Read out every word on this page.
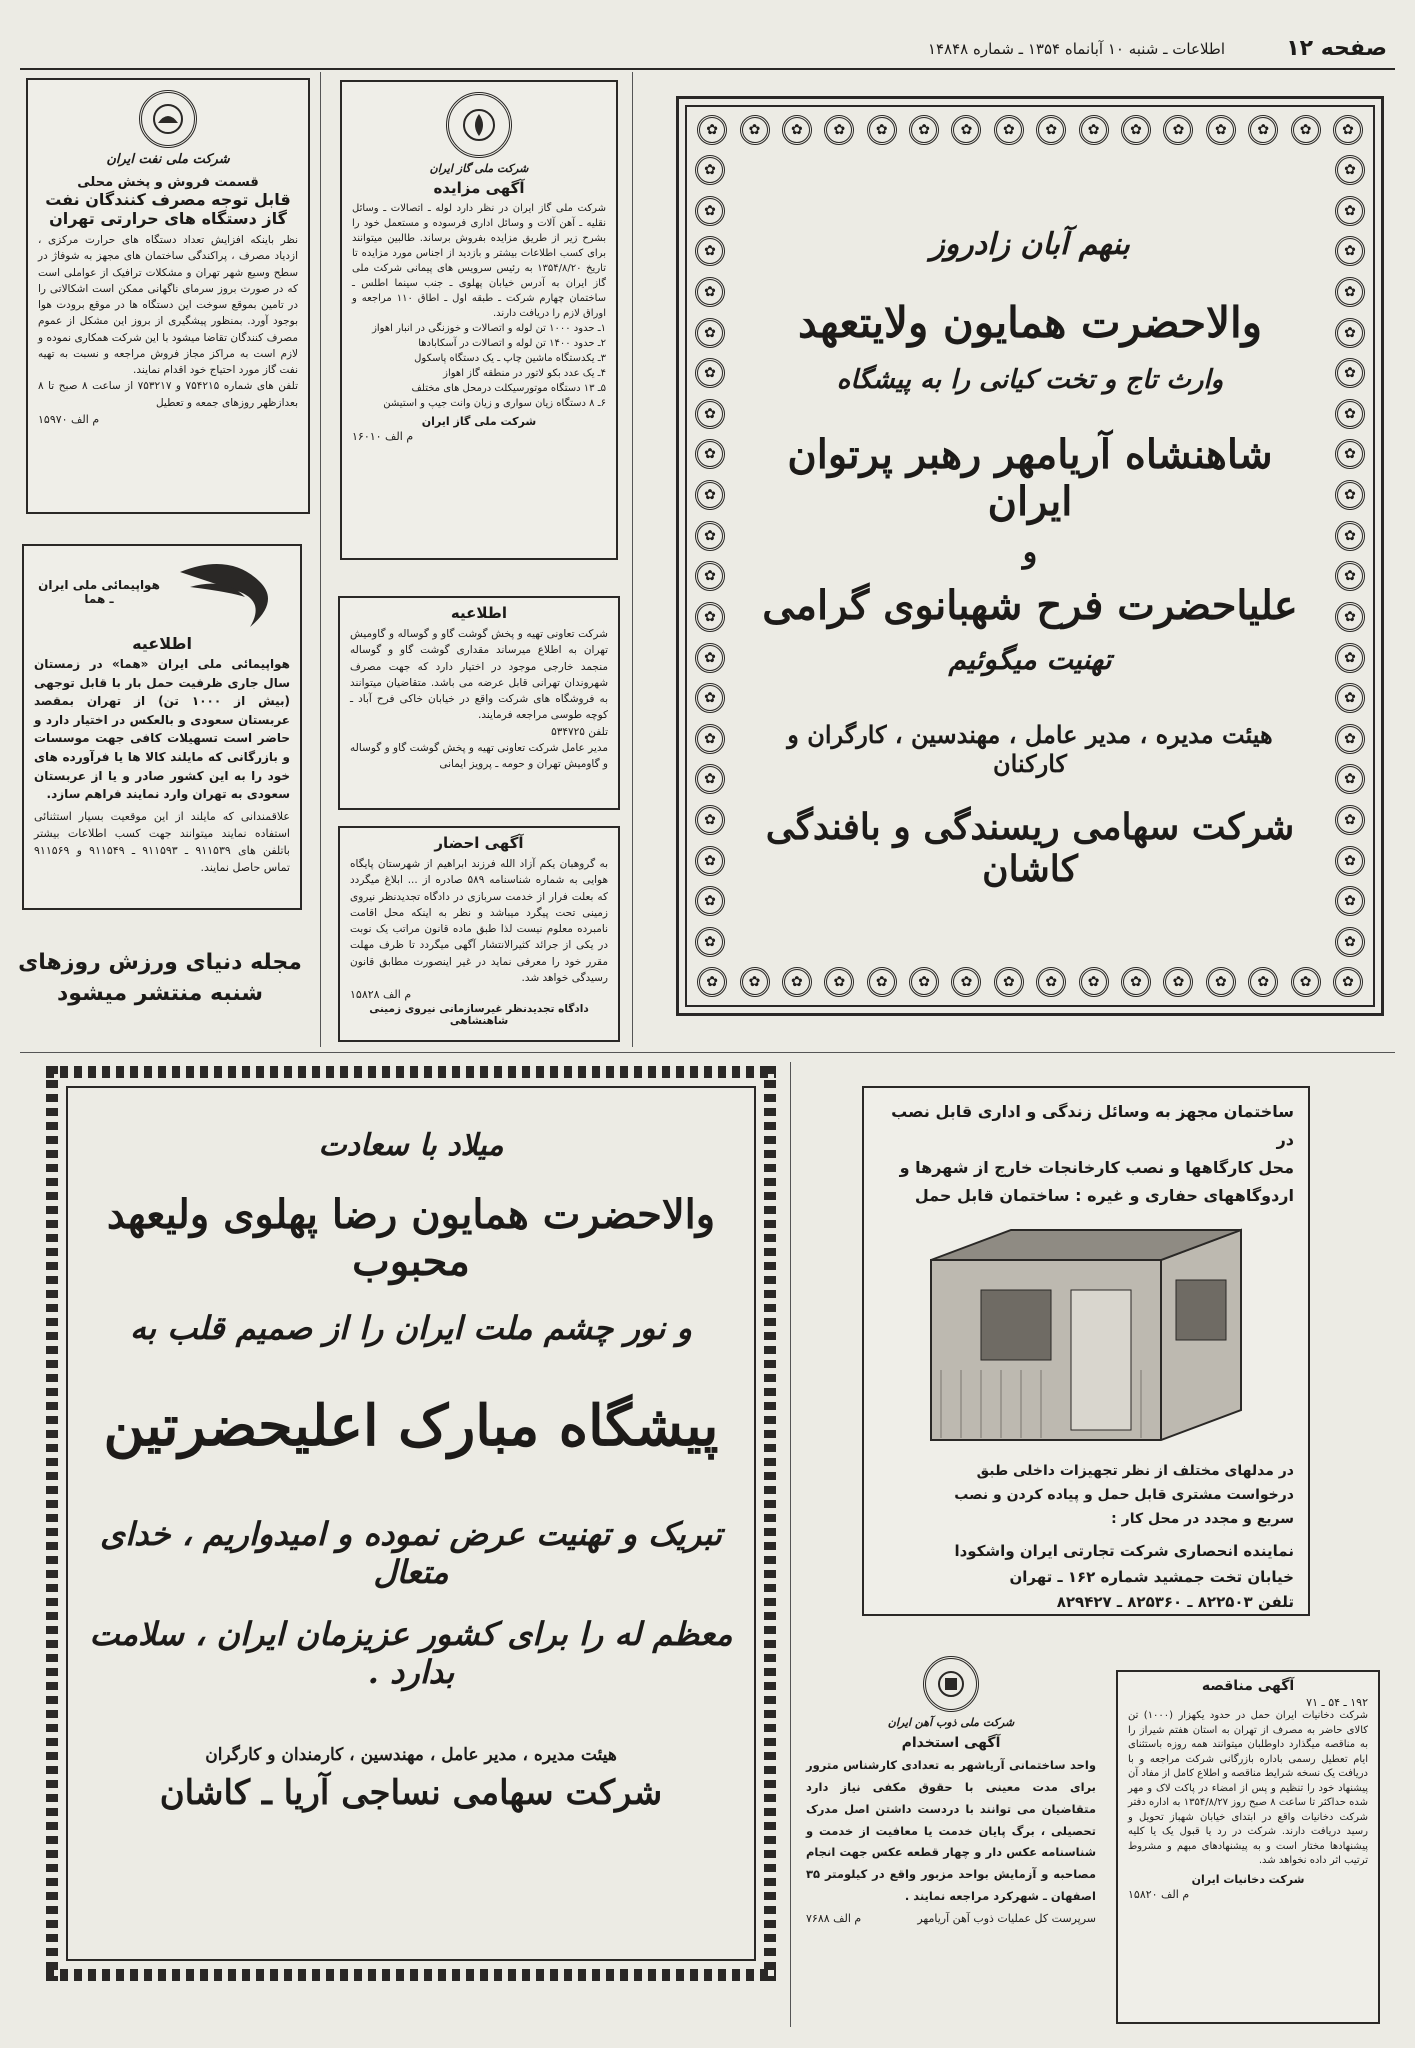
صفحه ۱۲
اطلاعات ـ شنبه ۱۰ آبانماه ۱۳۵۴ ـ شماره ۱۴۸۴۸
شرکت ملی نفت ایران
قسمت فروش و پخش محلی
قابل توجه مصرف کنندگان نفت
گاز دستگاه های حرارتی تهران
نظر باینکه افزایش تعداد دستگاه های حرارت مرکزی ، ازدیاد مصرف ، پراکندگی ساختمان های مجهز به شوفاژ در سطح وسیع شهر تهران و مشکلات ترافیک از عواملی است که در صورت بروز سرمای ناگهانی ممکن است اشکالاتی را در تامین بموقع سوخت این دستگاه ها در موقع برودت هوا بوجود آورد. بمنظور پیشگیری از بروز این مشکل از عموم مصرف کنندگان تقاضا میشود با این شرکت همکاری نموده و لازم است به مراکز مجاز فروش مراجعه و نسبت به تهیه نفت گاز مورد احتیاج خود اقدام نمایند.
تلفن های شماره ۷۵۴۲۱۵ و ۷۵۳۲۱۷ از ساعت ۸ صبح تا ۸ بعدازظهر روزهای جمعه و تعطیل
م الف ۱۵۹۷۰
هواپیمائی ملی ایران ـ هما
اطلاعیه
هواپیمائی ملی ایران «هما» در زمستان سال جاری ظرفیت حمل بار با قابل توجهی (بیش از ۱۰۰۰ تن) از تهران بمقصد عربستان سعودی و بالعکس در اختیار دارد و حاضر است تسهیلات کافی جهت موسسات و بازرگانی که مایلند کالا ها یا فرآورده های خود را به این کشور صادر و یا از عربستان سعودی به تهران وارد نمایند فراهم سازد.
علاقمندانی که مایلند از این موقعیت بسیار استثنائی استفاده نمایند میتوانند جهت کسب اطلاعات بیشتر باتلفن های ۹۱۱۵۳۹ ـ ۹۱۱۵۹۳ ـ ۹۱۱۵۴۹ و ۹۱۱۵۶۹ تماس حاصل نمایند.
مجله دنیای ورزش روزهای
شنبه منتشر میشود
شرکت ملی گاز ایران
آگهی مزایده
شرکت ملی گاز ایران در نظر دارد لوله ـ اتصالات ـ وسائل نقلیه ـ آهن آلات و وسائل اداری فرسوده و مستعمل خود را بشرح زیر از طریق مزایده بفروش برساند. طالبین میتوانند برای کسب اطلاعات بیشتر و بازدید از اجناس مورد مزایده تا تاریخ ۱۳۵۴/۸/۲۰ به رئیس سرویس های پیمانی شرکت ملی گاز ایران به آدرس خیابان پهلوی ـ جنب سینما اطلس ـ ساختمان چهارم شرکت ـ طبقه اول ـ اطاق ۱۱۰ مراجعه و اوراق لازم را دریافت دارند.
۱ـ حدود ۱۰۰۰ تن لوله و اتصالات و خوزنگی در انبار اهواز
۲ـ حدود ۱۴۰۰ تن لوله و اتصالات در آسکابادها
۳ـ یکدستگاه ماشین چاپ ـ یک دستگاه پاسکول
۴ـ یک عدد بکو لاتور در منطقه گاز اهواز
۵ـ ۱۳ دستگاه موتورسیکلت درمحل های مختلف
۶ـ ۸ دستگاه زیان سواری و زیان وانت جیپ و استیشن
شرکت ملی گاز ایران
م الف ۱۶۰۱۰
اطلاعیه
شرکت تعاونی تهیه و پخش گوشت گاو و گوساله و گاومیش تهران به اطلاع میرساند مقداری گوشت گاو و گوساله منجمد خارجی موجود در اختیار دارد که جهت مصرف شهروندان تهرانی قابل عرضه می باشد. متقاضیان میتوانند به فروشگاه های شرکت واقع در خیابان خاکی فرح آباد ـ کوچه طوسی مراجعه فرمایند.
تلفن ۵۳۴۷۲۵
مدیر عامل شرکت تعاونی تهیه و پخش گوشت گاو و گوساله و گاومیش تهران و حومه ـ پرویز ایمانی
آگهی احضار
به گروهبان یکم آزاد الله فرزند ابراهیم از شهرستان پایگاه هوایی به شماره شناسنامه ۵۸۹ صادره از ... ابلاغ میگردد که بعلت فرار از خدمت سربازی در دادگاه تجدیدنظر نیروی زمینی تحت پیگرد میباشد و نظر به اینکه محل اقامت نامبرده معلوم نیست لذا طبق ماده قانون مراتب یک نوبت در یکی از جرائد کثیرالانتشار آگهی میگردد تا ظرف مهلت مقرر خود را معرفی نماید در غیر اینصورت مطابق قانون رسیدگی خواهد شد.
م الف ۱۵۸۲۸
دادگاه تجدیدنظر غیرسازمانی نیروی زمینی شاهنشاهی
✿
✿
✿
✿
✿
✿
✿
✿
✿
✿
✿
✿
✿
✿
✿
✿
✿
✿
✿
✿
✿
✿
✿
✿
✿
✿
✿
✿
✿
✿
✿
✿
✿
✿
✿
✿
✿
✿
✿
✿
✿
✿
✿
✿
✿
✿
✿
✿
✿
✿
✿
✿
✿
✿
✿
✿
✿
✿
✿
✿
✿
✿
✿
✿
✿
✿
✿
✿
✿
✿
✿
✿
بنهم آبان زادروز
والاحضرت همایون ولایتعهد
وارث تاج و تخت کیانی را به پیشگاه
شاهنشاه آریامهر رهبر پرتوان ایران
و
علیاحضرت فرح شهبانوی گرامی
تهنیت میگوئیم
هیئت مدیره ، مدیر عامل ، مهندسین ، کارگران و کارکنان
شرکت سهامی ریسندگی و بافندگی کاشان
میلاد با سعادت
والاحضرت همایون رضا پهلوی ولیعهد محبوب
و نور چشم ملت ایران را از صمیم قلب به
پیشگاه مبارک اعلیحضرتین
تبریک و تهنیت عرض نموده و امیدواریم ، خدای متعال
معظم له را برای کشور عزیزمان ایران ، سلامت بدارد .
هیئت مدیره ، مدیر عامل ، مهندسین ، کارمندان و کارگران
شرکت سهامی نساجی آریا ـ کاشان
ساختمان مجهز به وسائل زندگی و اداری قابل نصب در
محل کارگاهها و نصب کارخانجات خارج از شهرها و
اردوگاههای حفاری و غیره : ساختمان قابل حمل
در مدلهای مختلف از نظر تجهیزات داخلی طبق
درخواست مشتری قابل حمل و پیاده کردن و نصب
سریع و مجدد در محل کار :
نماینده انحصاری شرکت تجارتی ایران واشکودا
خیابان تخت جمشید شماره ۱۶۲ ـ تهران
تلفن ۸۲۲۵۰۳ ـ ۸۲۵۳۶۰ ـ ۸۲۹۴۲۷
شرکت ملی ذوب آهن ایران
آگهی استخدام
واحد ساختمانی آریاشهر به تعدادی کارشناس مترور برای مدت معینی با حقوق مکفی نیاز دارد متقاضیان می توانند با دردست داشتن اصل مدرک تحصیلی ، برگ پایان خدمت یا معافیت از خدمت و شناسنامه عکس دار و چهار قطعه عکس جهت انجام مصاحبه و آزمایش بواحد مزبور واقع در کیلومتر ۳۵ اصفهان ـ شهرکرد مراجعه نمایند .
سرپرست کل عملیات ذوب آهن آریامهر
م الف ۷۶۸۸
آگهی مناقصه
۱۹۲ ـ ۵۴ ـ ۷۱
شرکت دخانیات ایران حمل در حدود یکهزار (۱۰۰۰) تن کالای حاضر به مصرف از تهران به استان هفتم شیراز را به مناقصه میگذارد داوطلبان میتوانند همه روزه باستثنای ایام تعطیل رسمی باداره بازرگانی شرکت مراجعه و با دریافت یک نسخه شرایط مناقصه و اطلاع کامل از مفاد آن پیشنهاد خود را تنظیم و پس از امضاء در پاکت لاک و مهر شده حداکثر تا ساعت ۸ صبح روز ۱۳۵۴/۸/۲۷ به اداره دفتر شرکت دخانیات واقع در ابتدای خیابان شهباز تحویل و رسید دریافت دارند. شرکت در رد یا قبول یک یا کلیه پیشنهادها مختار است و به پیشنهادهای مبهم و مشروط ترتیب اثر داده نخواهد شد.
شرکت دخانیات ایران
م الف ۱۵۸۲۰
